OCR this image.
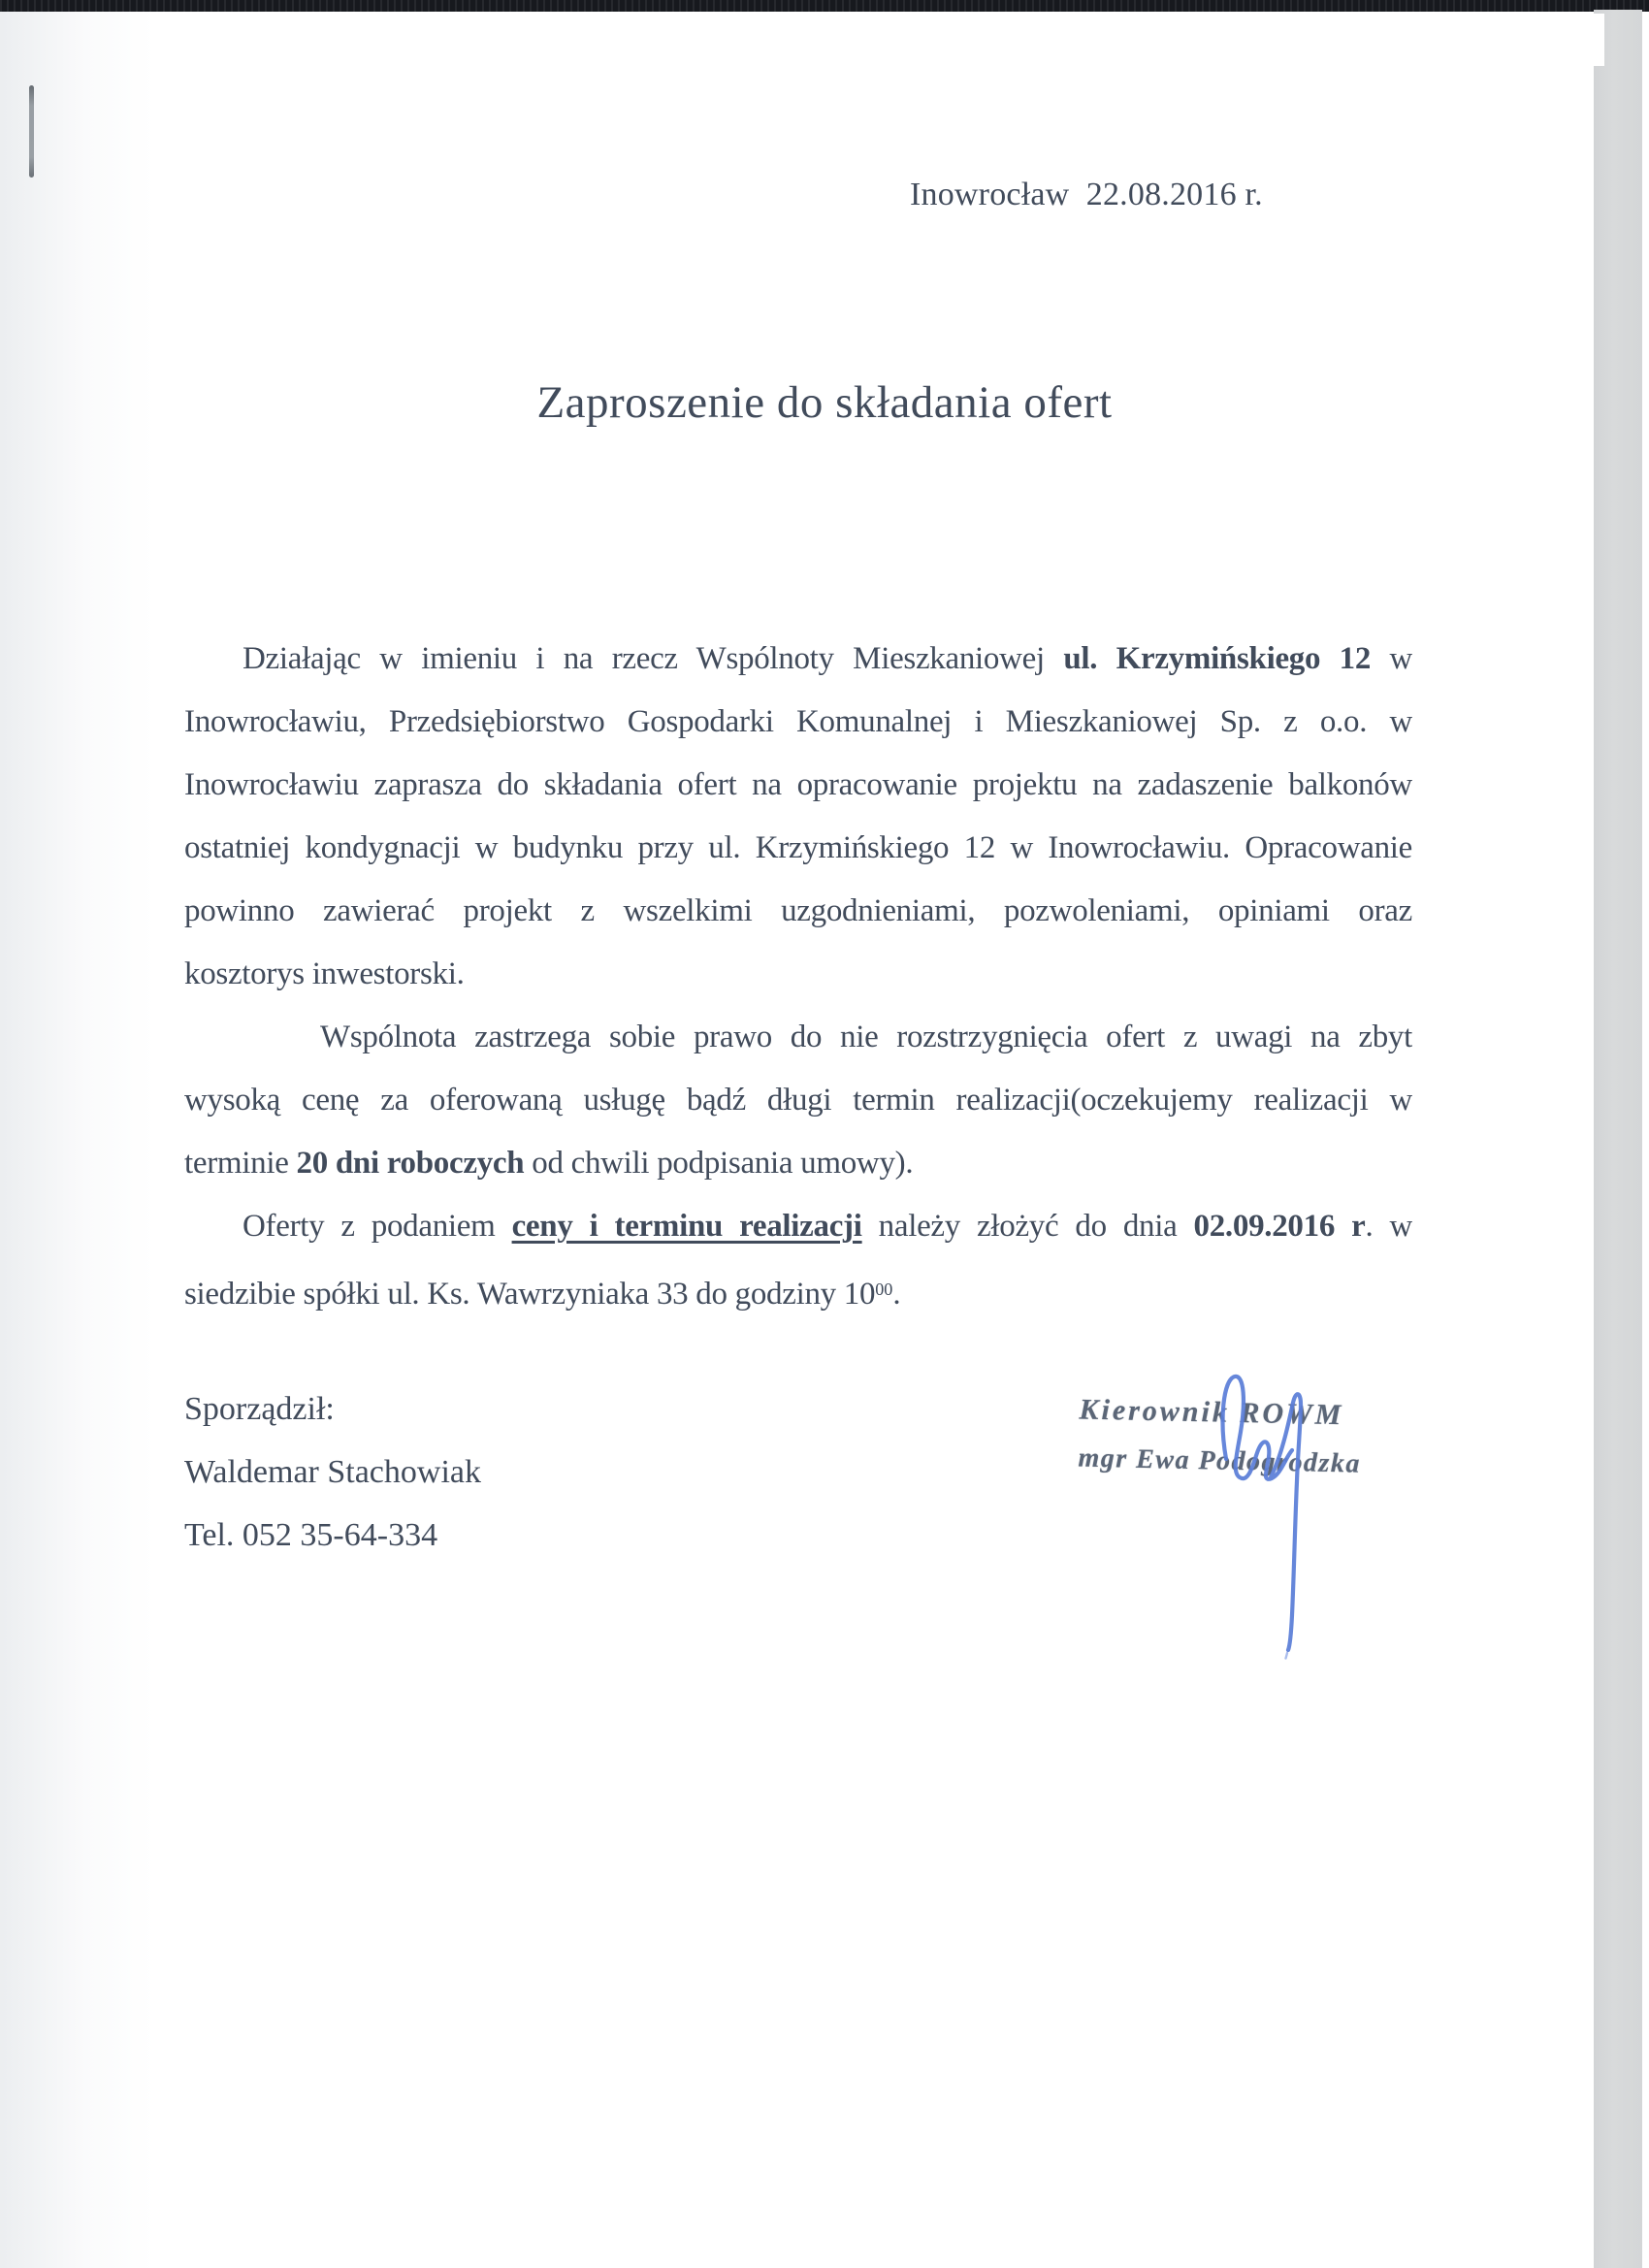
Inowrocław  22.08.2016 r.
Zaproszenie do składania ofert
Działając w imieniu i na rzecz Wspólnoty Mieszkaniowej ul. Krzymińskiego 12 w
Inowrocławiu, Przedsiębiorstwo Gospodarki Komunalnej i Mieszkaniowej Sp. z o.o. w
Inowrocławiu zaprasza do składania ofert na opracowanie projektu na zadaszenie balkonów
ostatniej kondygnacji w budynku przy ul. Krzymińskiego 12 w Inowrocławiu. Opracowanie
powinno zawierać projekt z wszelkimi uzgodnieniami, pozwoleniami, opiniami oraz
kosztorys inwestorski.
Wspólnota zastrzega sobie prawo do nie rozstrzygnięcia ofert z uwagi na zbyt
wysoką cenę za oferowaną usługę bądź długi termin realizacji(oczekujemy realizacji w
terminie 20 dni roboczych od chwili podpisania umowy).
Oferty z podaniem ceny i terminu realizacji należy złożyć do dnia 02.09.2016 r. w
siedzibie spółki ul. Ks. Wawrzyniaka 33 do godziny $10^{00}$.
Sporządził:
Waldemar Stachowiak
Tel. 052 35-64-334
Kierownik ROWM
mgr Ewa Podogrodzka
